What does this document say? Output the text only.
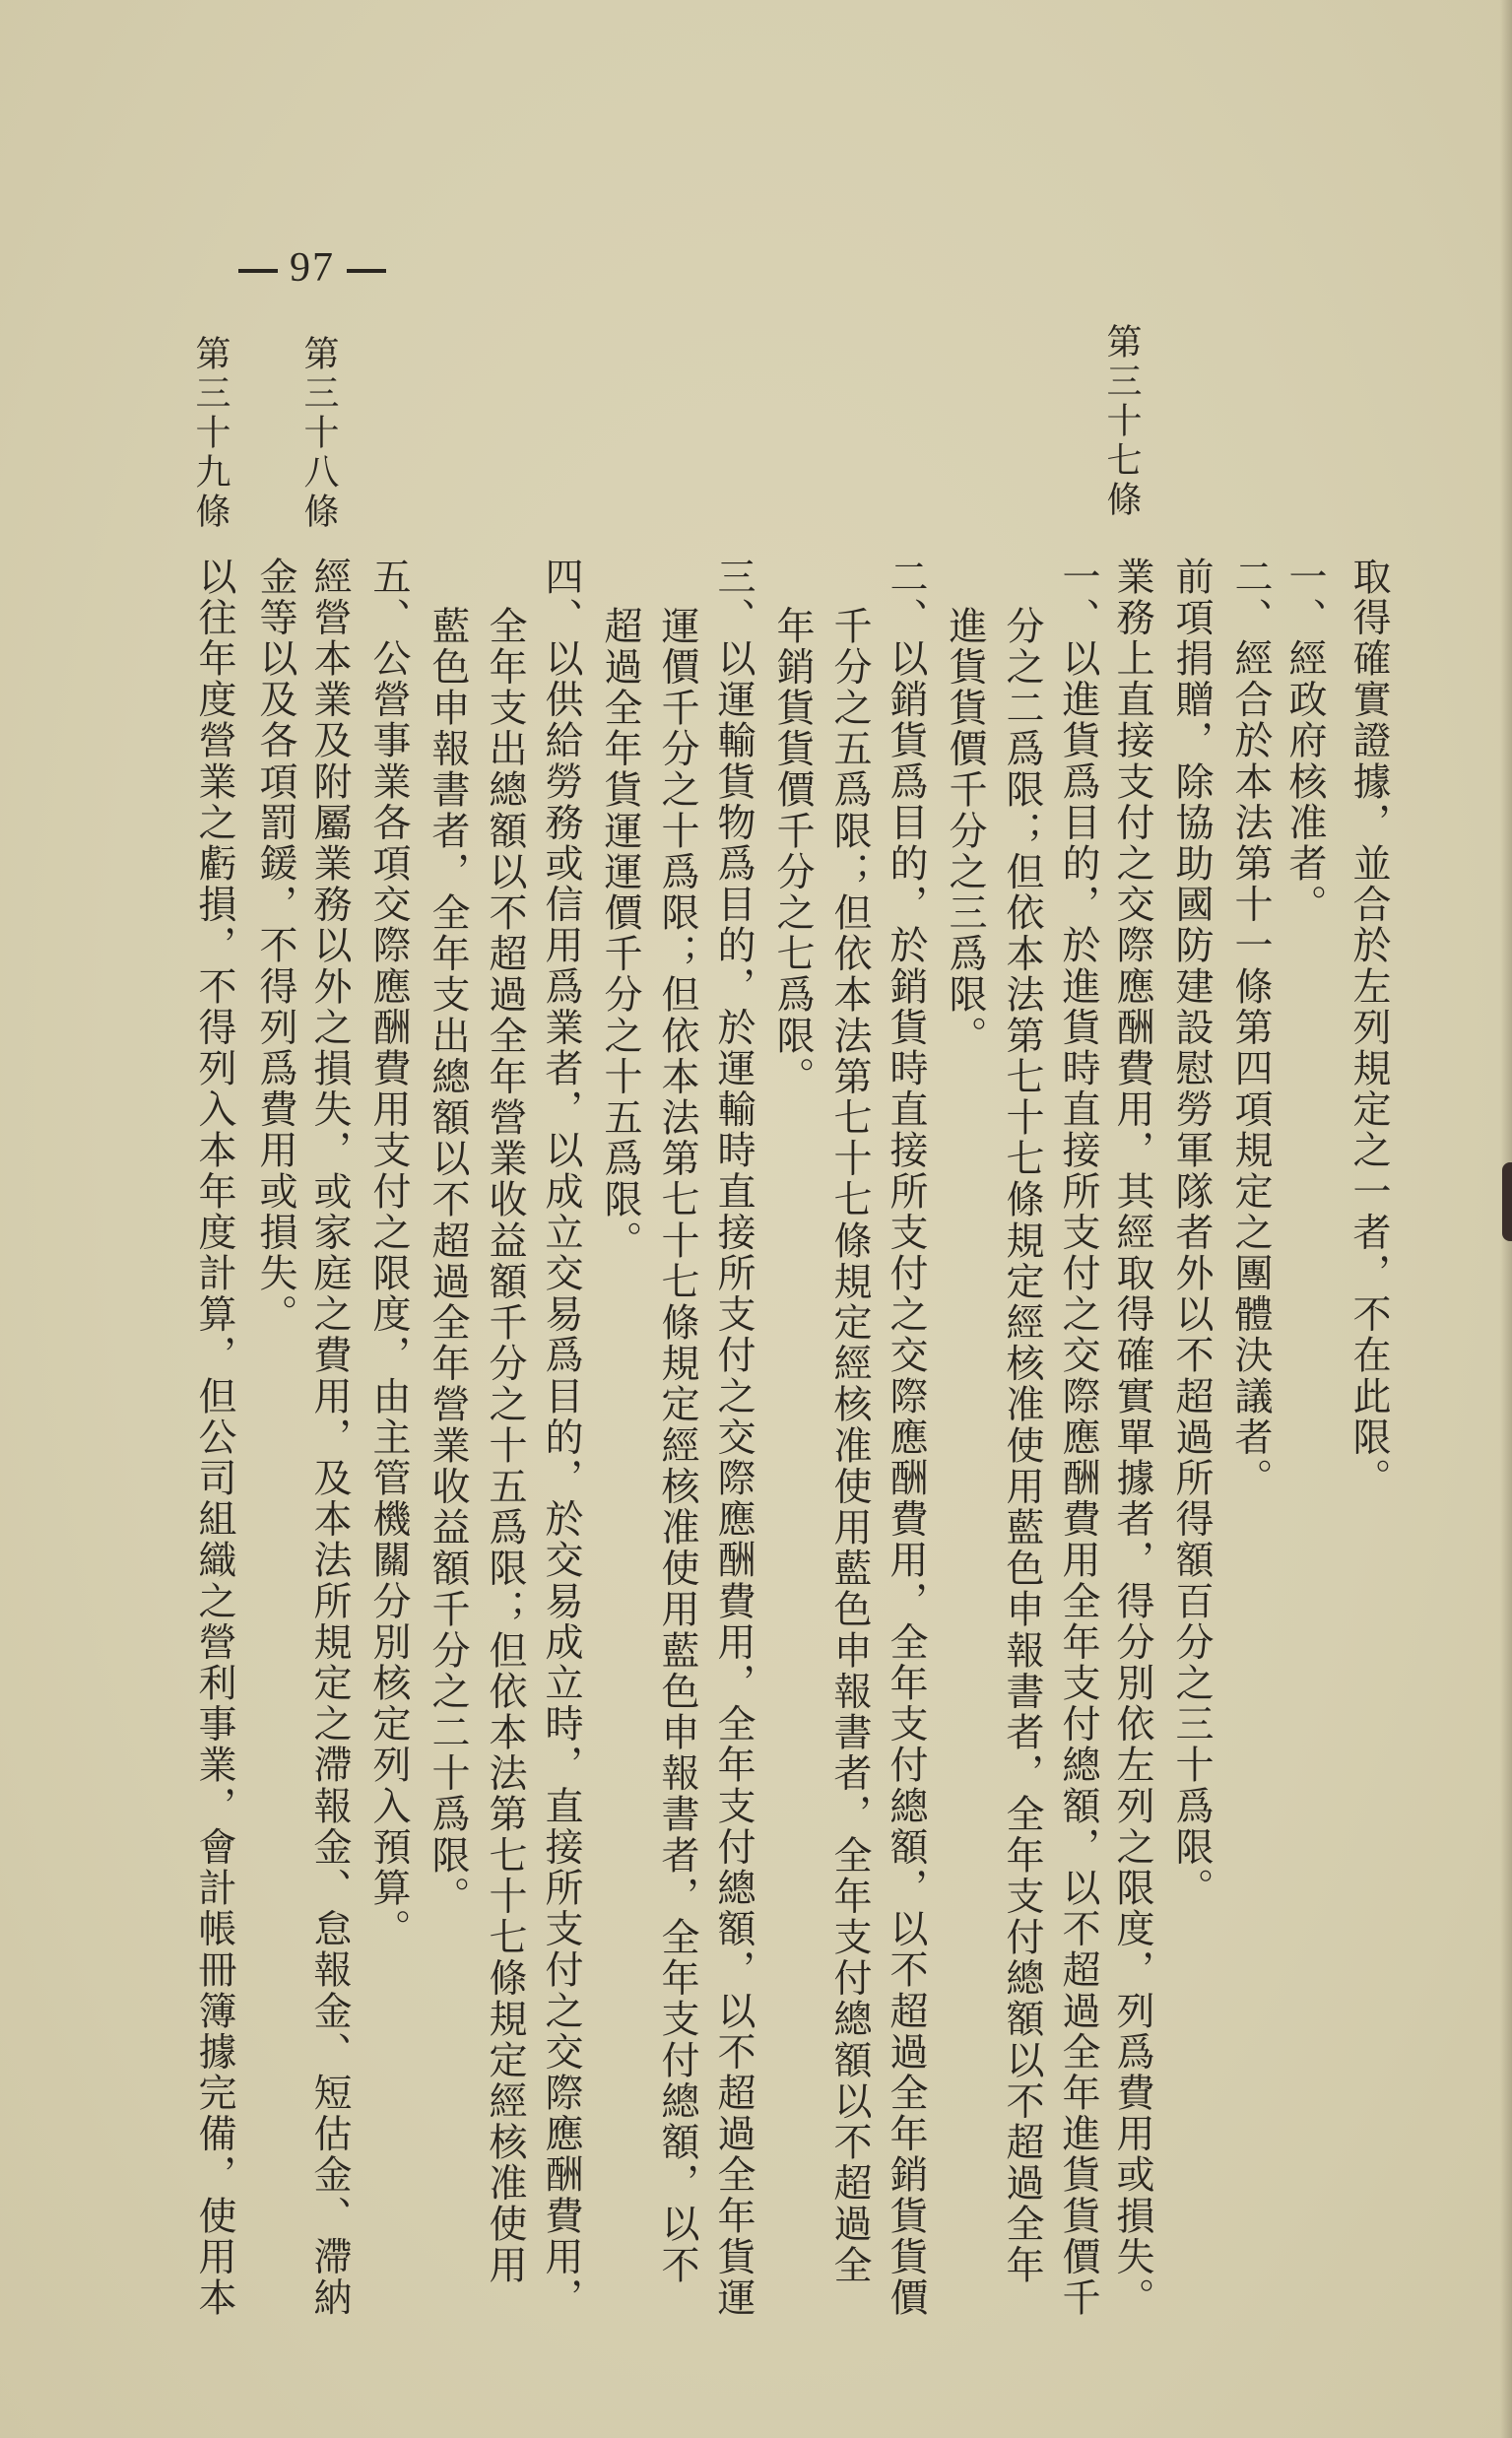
97
第三十七條
第三十八條
第三十九條
取得確實證據，並合於左列規定之一者，不在此限。
一、經政府核准者。
二、經合於本法第十一條第四項規定之團體決議者。
前項捐贈，除協助國防建設慰勞軍隊者外以不超過所得額百分之三十爲限。
業務上直接支付之交際應酬費用，其經取得確實單據者，得分別依左列之限度，列爲費用或損失。
一、以進貨爲目的，於進貨時直接所支付之交際應酬費用全年支付總額，以不超過全年進貨貨價千
分之二爲限；但依本法第七十七條規定經核准使用藍色申報書者，全年支付總額以不超過全年
進貨貨價千分之三爲限。
二、以銷貨爲目的，於銷貨時直接所支付之交際應酬費用，全年支付總額，以不超過全年銷貨貨價
千分之五爲限；但依本法第七十七條規定經核准使用藍色申報書者，全年支付總額以不超過全
年銷貨貨價千分之七爲限。
三、以運輸貨物爲目的，於運輸時直接所支付之交際應酬費用，全年支付總額，以不超過全年貨運
運價千分之十爲限；但依本法第七十七條規定經核准使用藍色申報書者，全年支付總額，以不
超過全年貨運運價千分之十五爲限。
四、以供給勞務或信用爲業者，以成立交易爲目的，於交易成立時，直接所支付之交際應酬費用，
全年支出總額以不超過全年營業收益額千分之十五爲限；但依本法第七十七條規定經核准使用
藍色申報書者，全年支出總額以不超過全年營業收益額千分之二十爲限。
五、公營事業各項交際應酬費用支付之限度，由主管機關分別核定列入預算。
經營本業及附屬業務以外之損失，或家庭之費用，及本法所規定之滯報金、怠報金、短估金、滯納
金等以及各項罰鍰，不得列爲費用或損失。
以往年度營業之虧損，不得列入本年度計算，但公司組織之營利事業，會計帳冊簿據完備，使用本
